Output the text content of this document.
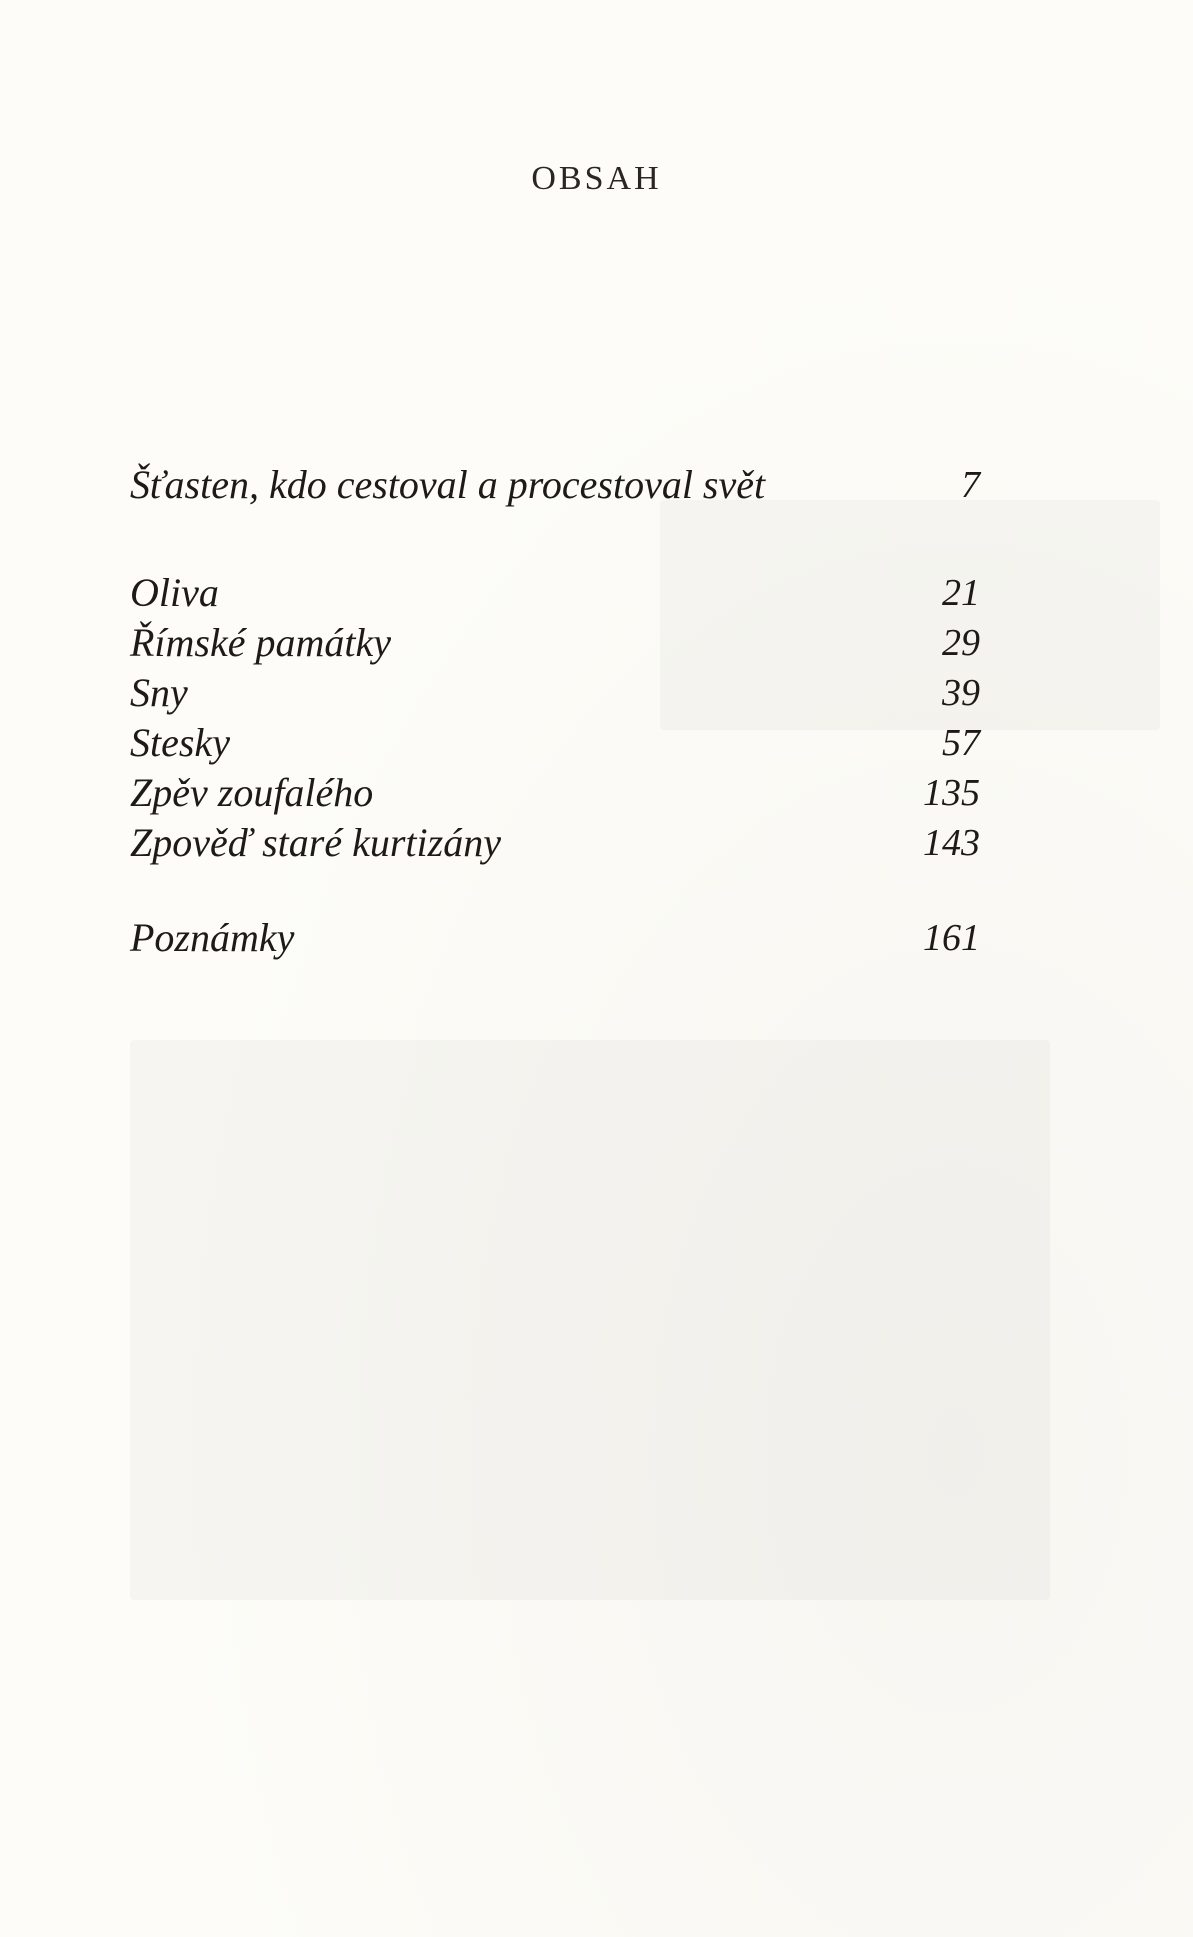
OBSAH
Šťasten, kdo cestoval a procestoval svět	7
Oliva	21
Římské památky	29
Sny	39
Stesky	57
Zpěv zoufalého	135
Zpověď staré kurtizány	143
Poznámky	161
